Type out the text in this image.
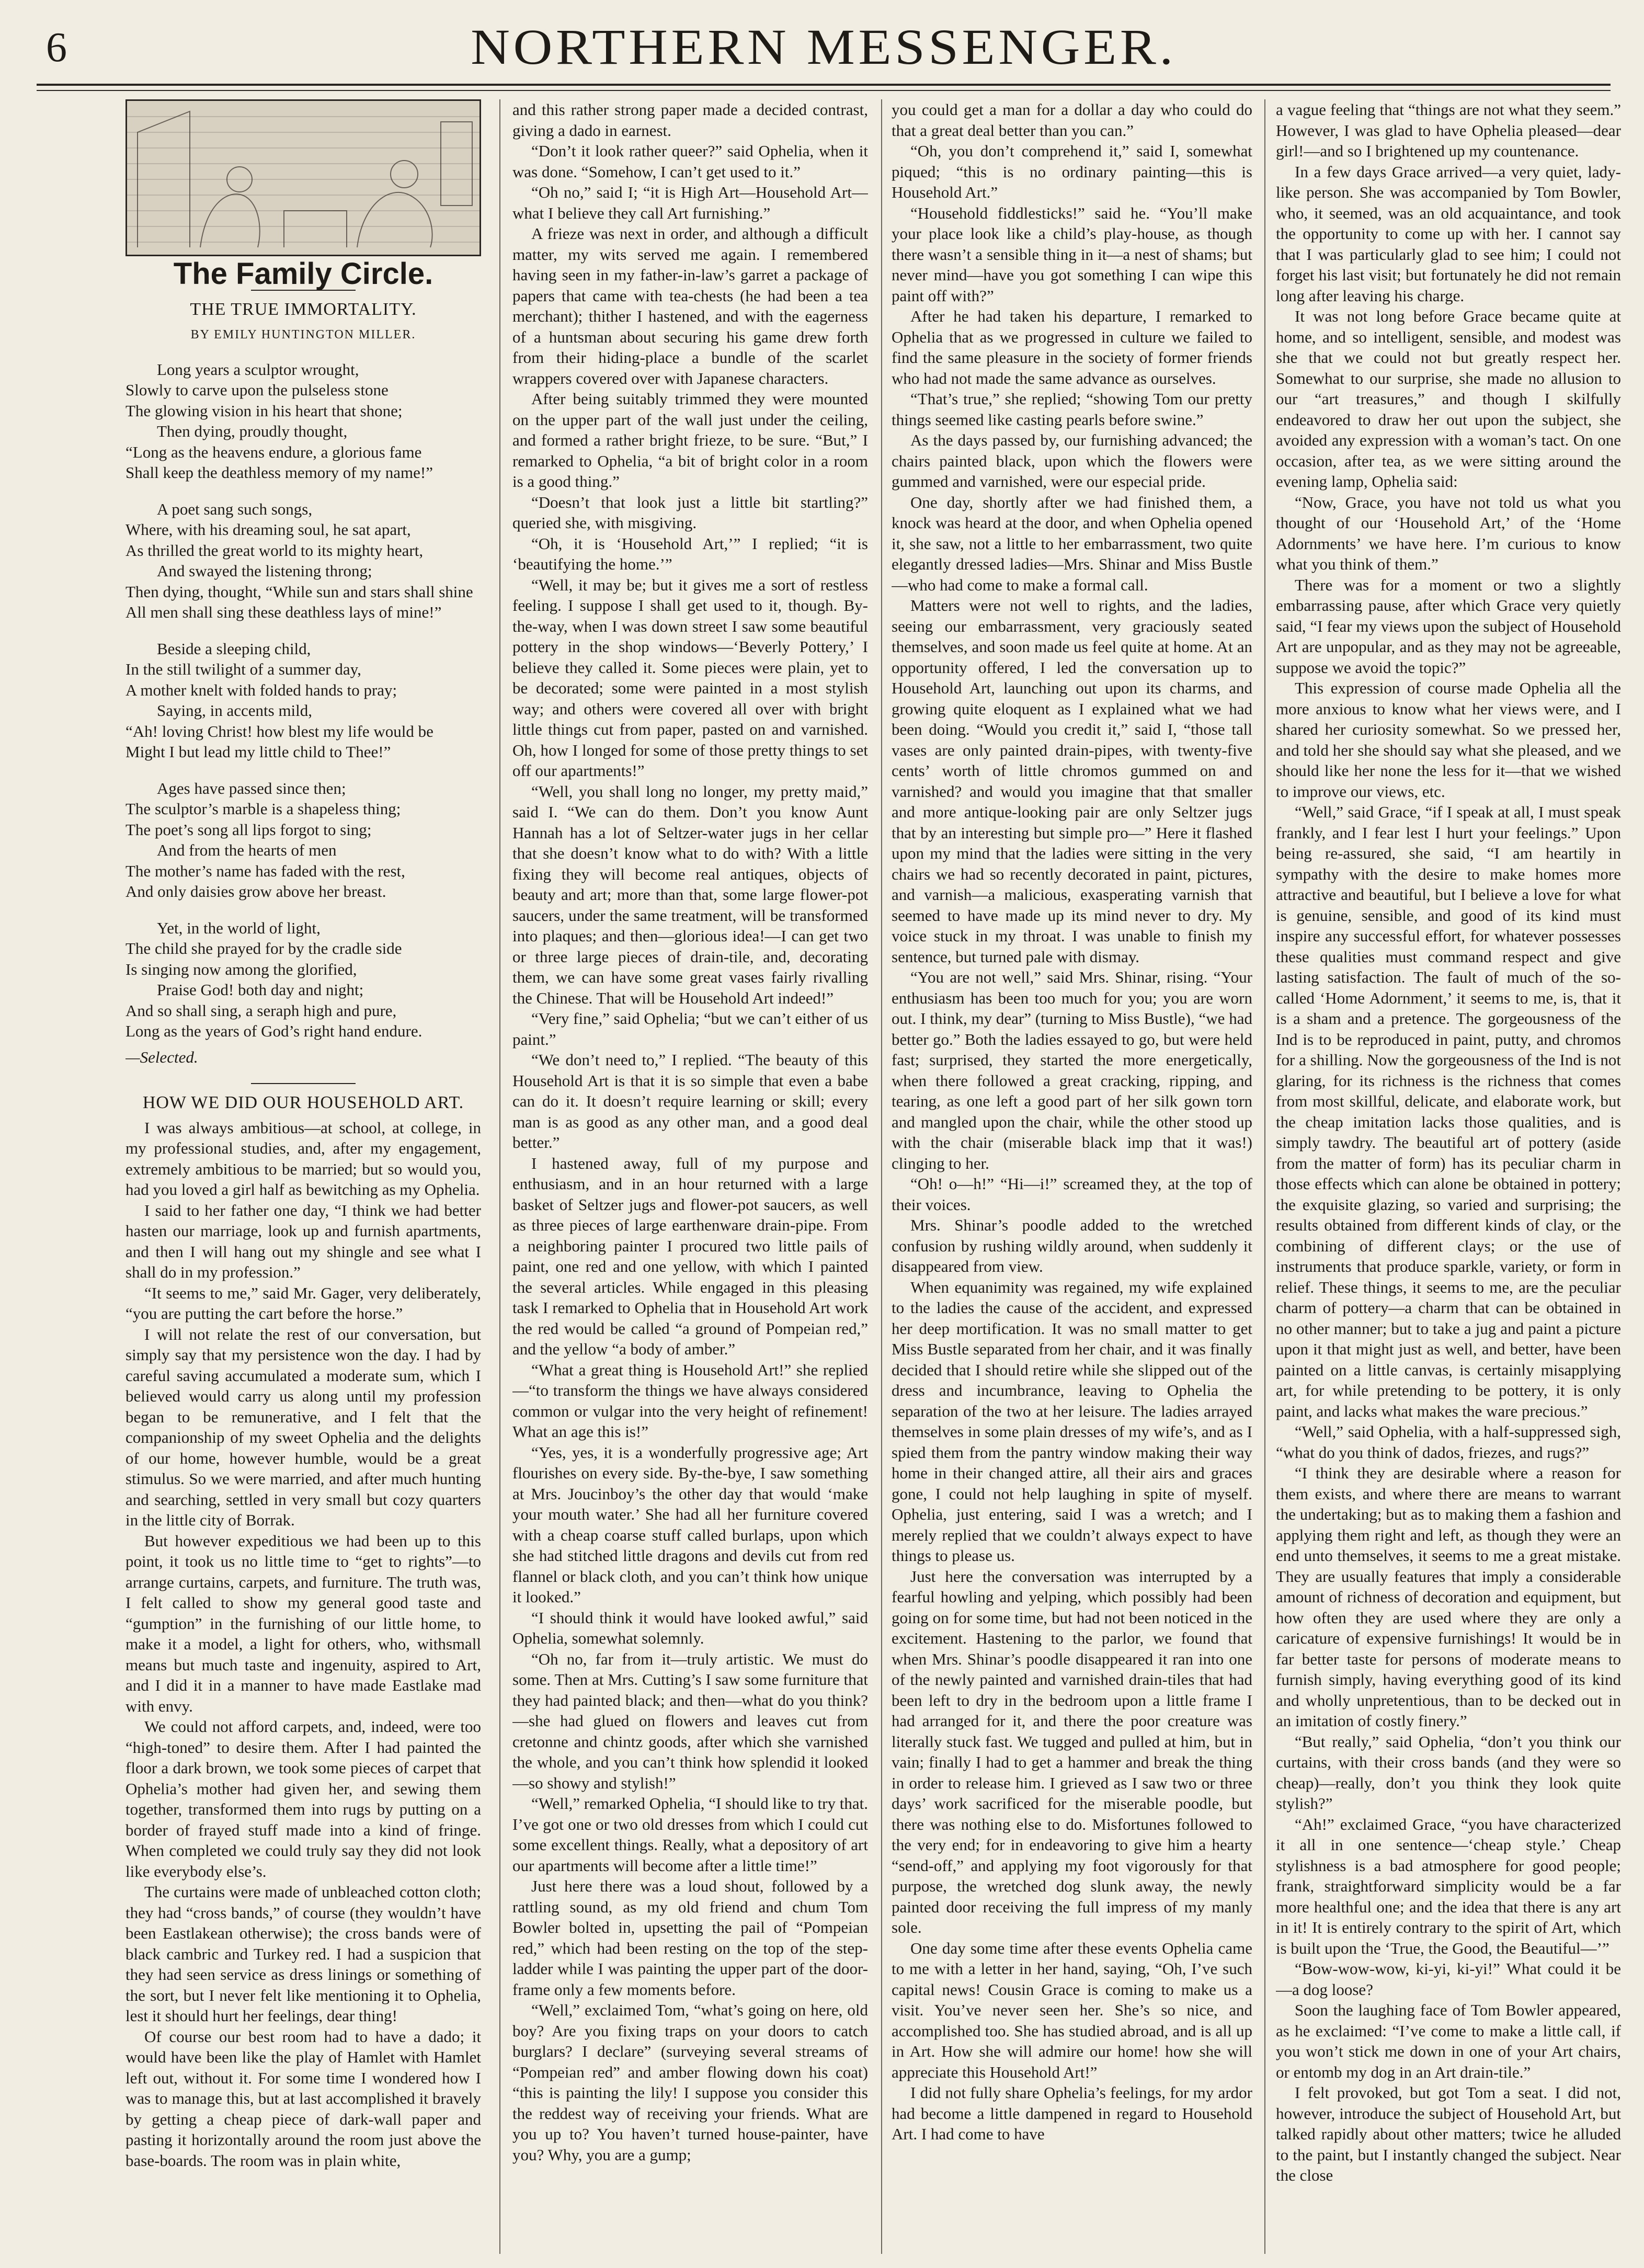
6	NORTHERN MESSENGER.
The Family Circle.
THE TRUE IMMORTALITY.
BY EMILY HUNTINGTON MILLER.
Long years a sculptor wrought,
Slowly to carve upon the pulseless stone
The glowing vision in his heart that shone;
Then dying, proudly thought,
“Long as the heavens endure, a glorious fame
Shall keep the deathless memory of my name!”
A poet sang such songs,
Where, with his dreaming soul, he sat apart,
As thrilled the great world to its mighty heart,
And swayed the listening throng;
Then dying, thought, “While sun and stars shall shine
All men shall sing these deathless lays of mine!”
Beside a sleeping child,
In the still twilight of a summer day,
A mother knelt with folded hands to pray;
Saying, in accents mild,
“Ah! loving Christ! how blest my life would be
Might I but lead my little child to Thee!”
Ages have passed since then;
The sculptor’s marble is a shapeless thing;
The poet’s song all lips forgot to sing;
And from the hearts of men
The mother’s name has faded with the rest,
And only daisies grow above her breast.
Yet, in the world of light,
The child she prayed for by the cradle side
Is singing now among the glorified,
Praise God! both day and night;
And so shall sing, a seraph high and pure,
Long as the years of God’s right hand endure.
—Selected.
HOW WE DID OUR HOUSEHOLD ART.

I was always ambitious—at school, at college, in my professional studies, and, after my engagement, extremely ambitious to be married; but so would you, had you loved a girl half as bewitching as my Ophelia.

I said to her father one day, “I think we had better hasten our marriage, look up and furnish apartments, and then I will hang out my shingle and see what I shall do in my profession.”

“It seems to me,” said Mr. Gager, very deliberately, “you are putting the cart before the horse.”

I will not relate the rest of our conversation, but simply say that my persistence won the day. I had by careful saving accumulated a moderate sum, which I believed would carry us along until my profession began to be remunerative, and I felt that the companionship of my sweet Ophelia and the delights of our home, however humble, would be a great stimulus. So we were married, and after much hunting and searching, settled in very small but cozy quarters in the little city of Borrak.

But however expeditious we had been up to this point, it took us no little time to “get to rights”—to arrange curtains, carpets, and furniture. The truth was, I felt called to show my general good taste and “gumption” in the furnishing of our little home, to make it a model, a light for others, who, withsmall means but much taste and ingenuity, aspired to Art, and I did it in a manner to have made Eastlake mad with envy.

We could not afford carpets, and, indeed, were too “high-toned” to desire them. After I had painted the floor a dark brown, we took some pieces of carpet that Ophelia’s mother had given her, and sewing them together, transformed them into rugs by putting on a border of frayed stuff made into a kind of fringe. When completed we could truly say they did not look like everybody else’s.

The curtains were made of unbleached cotton cloth; they had “cross bands,” of course (they wouldn’t have been Eastlakean otherwise); the cross bands were of black cambric and Turkey red. I had a suspicion that they had seen service as dress linings or something of the sort, but I never felt like mentioning it to Ophelia, lest it should hurt her feelings, dear thing!

Of course our best room had to have a dado; it would have been like the play of Hamlet with Hamlet left out, without it. For some time I wondered how I was to manage this, but at last accomplished it bravely by getting a cheap piece of dark-wall paper and pasting it horizontally around the room just above the base-boards. The room was in plain white,

and this rather strong paper made a decided contrast, giving a dado in earnest.

“Don’t it look rather queer?” said Ophelia, when it was done. “Somehow, I can’t get used to it.”

“Oh no,” said I; “it is High Art—Household Art—what I believe they call Art furnishing.”

A frieze was next in order, and although a difficult matter, my wits served me again. I remembered having seen in my father-in-law’s garret a package of papers that came with tea-chests (he had been a tea merchant); thither I hastened, and with the eagerness of a huntsman about securing his game drew forth from their hiding-place a bundle of the scarlet wrappers covered over with Japanese characters.

After being suitably trimmed they were mounted on the upper part of the wall just under the ceiling, and formed a rather bright frieze, to be sure. “But,” I remarked to Ophelia, “a bit of bright color in a room is a good thing.”

“Doesn’t that look just a little bit startling?” queried she, with misgiving.

“Oh, it is ‘Household Art,’” I replied; “it is ‘beautifying the home.’”

“Well, it may be; but it gives me a sort of restless feeling. I suppose I shall get used to it, though. By-the-way, when I was down street I saw some beautiful pottery in the shop windows—‘Beverly Pottery,’ I believe they called it. Some pieces were plain, yet to be decorated; some were painted in a most stylish way; and others were covered all over with bright little things cut from paper, pasted on and varnished. Oh, how I longed for some of those pretty things to set off our apartments!”

“Well, you shall long no longer, my pretty maid,” said I. “We can do them. Don’t you know Aunt Hannah has a lot of Seltzer-water jugs in her cellar that she doesn’t know what to do with? With a little fixing they will become real antiques, objects of beauty and art; more than that, some large flower-pot saucers, under the same treatment, will be transformed into plaques; and then—glorious idea!—I can get two or three large pieces of drain-tile, and, decorating them, we can have some great vases fairly rivalling the Chinese. That will be Household Art indeed!”

“Very fine,” said Ophelia; “but we can’t either of us paint.”

“We don’t need to,” I replied. “The beauty of this Household Art is that it is so simple that even a babe can do it. It doesn’t require learning or skill; every man is as good as any other man, and a good deal better.”

I hastened away, full of my purpose and enthusiasm, and in an hour returned with a large basket of Seltzer jugs and flower-pot saucers, as well as three pieces of large earthenware drain-pipe. From a neighboring painter I procured two little pails of paint, one red and one yellow, with which I painted the several articles. While engaged in this pleasing task I remarked to Ophelia that in Household Art work the red would be called “a ground of Pompeian red,” and the yellow “a body of amber.”

“What a great thing is Household Art!” she replied—“to transform the things we have always considered common or vulgar into the very height of refinement! What an age this is!”

“Yes, yes, it is a wonderfully progressive age; Art flourishes on every side. By-the-bye, I saw something at Mrs. Joucinboy’s the other day that would ‘make your mouth water.’ She had all her furniture covered with a cheap coarse stuff called burlaps, upon which she had stitched little dragons and devils cut from red flannel or black cloth, and you can’t think how unique it looked.”

“I should think it would have looked awful,” said Ophelia, somewhat solemnly.

“Oh no, far from it—truly artistic. We must do some. Then at Mrs. Cutting’s I saw some furniture that they had painted black; and then—what do you think?—she had glued on flowers and leaves cut from cretonne and chintz goods, after which she varnished the whole, and you can’t think how splendid it looked—so showy and stylish!”

“Well,” remarked Ophelia, “I should like to try that. I’ve got one or two old dresses from which I could cut some excellent things. Really, what a depository of art our apartments will become after a little time!”

Just here there was a loud shout, followed by a rattling sound, as my old friend and chum Tom Bowler bolted in, upsetting the pail of “Pompeian red,” which had been resting on the top of the step-ladder while I was painting the upper part of the door-frame only a few moments before.

“Well,” exclaimed Tom, “what’s going on here, old boy? Are you fixing traps on your doors to catch burglars? I declare” (surveying several streams of “Pompeian red” and amber flowing down his coat) “this is painting the lily! I suppose you consider this the reddest way of receiving your friends. What are you up to? You haven’t turned house-painter, have you? Why, you are a gump;

you could get a man for a dollar a day who could do that a great deal better than you can.”

“Oh, you don’t comprehend it,” said I, somewhat piqued; “this is no ordinary painting—this is Household Art.”

“Household fiddlesticks!” said he. “You’ll make your place look like a child’s play-house, as though there wasn’t a sensible thing in it—a nest of shams; but never mind—have you got something I can wipe this paint off with?”

After he had taken his departure, I remarked to Ophelia that as we progressed in culture we failed to find the same pleasure in the society of former friends who had not made the same advance as ourselves.

“That’s true,” she replied; “showing Tom our pretty things seemed like casting pearls before swine.”

As the days passed by, our furnishing advanced; the chairs painted black, upon which the flowers were gummed and varnished, were our especial pride.

One day, shortly after we had finished them, a knock was heard at the door, and when Ophelia opened it, she saw, not a little to her embarrassment, two quite elegantly dressed ladies—Mrs. Shinar and Miss Bustle—who had come to make a formal call.

Matters were not well to rights, and the ladies, seeing our embarrassment, very graciously seated themselves, and soon made us feel quite at home. At an opportunity offered, I led the conversation up to Household Art, launching out upon its charms, and growing quite eloquent as I explained what we had been doing. “Would you credit it,” said I, “those tall vases are only painted drain-pipes, with twenty-five cents’ worth of little chromos gummed on and varnished? and would you imagine that that smaller and more antique-looking pair are only Seltzer jugs that by an interesting but simple pro—” Here it flashed upon my mind that the ladies were sitting in the very chairs we had so recently decorated in paint, pictures, and varnish—a malicious, exasperating varnish that seemed to have made up its mind never to dry. My voice stuck in my throat. I was unable to finish my sentence, but turned pale with dismay.

“You are not well,” said Mrs. Shinar, rising. “Your enthusiasm has been too much for you; you are worn out. I think, my dear” (turning to Miss Bustle), “we had better go.” Both the ladies essayed to go, but were held fast; surprised, they started the more energetically, when there followed a great cracking, ripping, and tearing, as one left a good part of her silk gown torn and mangled upon the chair, while the other stood up with the chair (miserable black imp that it was!) clinging to her.

“Oh! o—h!” “Hi—i!” screamed they, at the top of their voices.

Mrs. Shinar’s poodle added to the wretched confusion by rushing wildly around, when suddenly it disappeared from view.

When equanimity was regained, my wife explained to the ladies the cause of the accident, and expressed her deep mortification. It was no small matter to get Miss Bustle separated from her chair, and it was finally decided that I should retire while she slipped out of the dress and incumbrance, leaving to Ophelia the separation of the two at her leisure. The ladies arrayed themselves in some plain dresses of my wife’s, and as I spied them from the pantry window making their way home in their changed attire, all their airs and graces gone, I could not help laughing in spite of myself. Ophelia, just entering, said I was a wretch; and I merely replied that we couldn’t always expect to have things to please us.

Just here the conversation was interrupted by a fearful howling and yelping, which possibly had been going on for some time, but had not been noticed in the excitement. Hastening to the parlor, we found that when Mrs. Shinar’s poodle disappeared it ran into one of the newly painted and varnished drain-tiles that had been left to dry in the bedroom upon a little frame I had arranged for it, and there the poor creature was literally stuck fast. We tugged and pulled at him, but in vain; finally I had to get a hammer and break the thing in order to release him. I grieved as I saw two or three days’ work sacrificed for the miserable poodle, but there was nothing else to do. Misfortunes followed to the very end; for in endeavoring to give him a hearty “send-off,” and applying my foot vigorously for that purpose, the wretched dog slunk away, the newly painted door receiving the full impress of my manly sole.

One day some time after these events Ophelia came to me with a letter in her hand, saying, “Oh, I’ve such capital news! Cousin Grace is coming to make us a visit. You’ve never seen her. She’s so nice, and accomplished too. She has studied abroad, and is all up in Art. How she will admire our home! how she will appreciate this Household Art!”

I did not fully share Ophelia’s feelings, for my ardor had become a little dampened in regard to Household Art. I had come to have

a vague feeling that “things are not what they seem.” However, I was glad to have Ophelia pleased—dear girl!—and so I brightened up my countenance.

In a few days Grace arrived—a very quiet, lady-like person. She was accompanied by Tom Bowler, who, it seemed, was an old acquaintance, and took the opportunity to come up with her. I cannot say that I was particularly glad to see him; I could not forget his last visit; but fortunately he did not remain long after leaving his charge.

It was not long before Grace became quite at home, and so intelligent, sensible, and modest was she that we could not but greatly respect her. Somewhat to our surprise, she made no allusion to our “art treasures,” and though I skilfully endeavored to draw her out upon the subject, she avoided any expression with a woman’s tact. On one occasion, after tea, as we were sitting around the evening lamp, Ophelia said:

“Now, Grace, you have not told us what you thought of our ‘Household Art,’ of the ‘Home Adornments’ we have here. I’m curious to know what you think of them.”

There was for a moment or two a slightly embarrassing pause, after which Grace very quietly said, “I fear my views upon the subject of Household Art are unpopular, and as they may not be agreeable, suppose we avoid the topic?”

This expression of course made Ophelia all the more anxious to know what her views were, and I shared her curiosity somewhat. So we pressed her, and told her she should say what she pleased, and we should like her none the less for it—that we wished to improve our views, etc.

“Well,” said Grace, “if I speak at all, I must speak frankly, and I fear lest I hurt your feelings.” Upon being re-assured, she said, “I am heartily in sympathy with the desire to make homes more attractive and beautiful, but I believe a love for what is genuine, sensible, and good of its kind must inspire any successful effort, for whatever possesses these qualities must command respect and give lasting satisfaction. The fault of much of the so-called ‘Home Adornment,’ it seems to me, is, that it is a sham and a pretence. The gorgeousness of the Ind is to be reproduced in paint, putty, and chromos for a shilling. Now the gorgeousness of the Ind is not glaring, for its richness is the richness that comes from most skillful, delicate, and elaborate work, but the cheap imitation lacks those qualities, and is simply tawdry. The beautiful art of pottery (aside from the matter of form) has its peculiar charm in those effects which can alone be obtained in pottery; the exquisite glazing, so varied and surprising; the results obtained from different kinds of clay, or the combining of different clays; or the use of instruments that produce sparkle, variety, or form in relief. These things, it seems to me, are the peculiar charm of pottery—a charm that can be obtained in no other manner; but to take a jug and paint a picture upon it that might just as well, and better, have been painted on a little canvas, is certainly misapplying art, for while pretending to be pottery, it is only paint, and lacks what makes the ware precious.”

“Well,” said Ophelia, with a half-suppressed sigh, “what do you think of dados, friezes, and rugs?”

“I think they are desirable where a reason for them exists, and where there are means to warrant the undertaking; but as to making them a fashion and applying them right and left, as though they were an end unto themselves, it seems to me a great mistake. They are usually features that imply a considerable amount of richness of decoration and equipment, but how often they are used where they are only a caricature of expensive furnishings! It would be in far better taste for persons of moderate means to furnish simply, having everything good of its kind and wholly unpretentious, than to be decked out in an imitation of costly finery.”

“But really,” said Ophelia, “don’t you think our curtains, with their cross bands (and they were so cheap)—really, don’t you think they look quite stylish?”

“Ah!” exclaimed Grace, “you have characterized it all in one sentence—‘cheap style.’ Cheap stylishness is a bad atmosphere for good people; frank, straightforward simplicity would be a far more healthful one; and the idea that there is any art in it! It is entirely contrary to the spirit of Art, which is built upon the ‘True, the Good, the Beautiful—’”

“Bow-wow-wow, ki-yi, ki-yi!” What could it be—a dog loose?

Soon the laughing face of Tom Bowler appeared, as he exclaimed: “I’ve come to make a little call, if you won’t stick me down in one of your Art chairs, or entomb my dog in an Art drain-tile.”

I felt provoked, but got Tom a seat. I did not, however, introduce the subject of Household Art, but talked rapidly about other matters; twice he alluded to the paint, but I instantly changed the subject. Near the close
